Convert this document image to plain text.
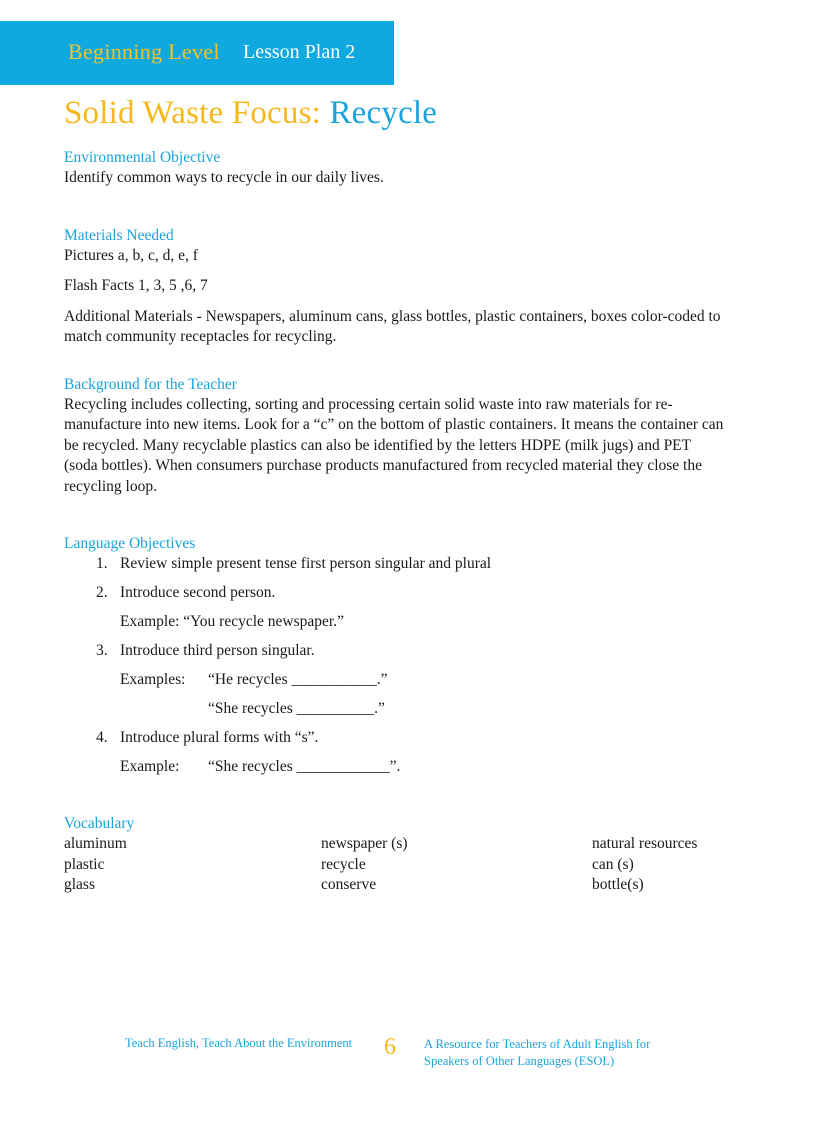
Beginning Level Lesson Plan 2
Solid Waste Focus: Recycle
Environmental Objective

Identify common ways to recycle in our daily lives.

Materials Needed

Pictures a, b, c, d, e, f

Flash Facts 1, 3, 5 ,6, 7

Additional Materials - Newspapers, aluminum cans, glass bottles, plastic containers, boxes color-coded to match community receptacles for recycling.

Background for the Teacher

Recycling includes collecting, sorting and processing certain solid waste into raw materials for re-manufacture into new items. Look for a “c” on the bottom of plastic containers. It means the container can be recycled. Many recyclable plastics can also be identified by the letters HDPE (milk jugs) and PET (soda bottles). When consumers purchase products manufactured from recycled material they close the recycling loop.

Language Objectives
1. Review simple present tense first person singular and plural
2. Introduce second person.
Example: “You recycle newspaper.”
3. Introduce third person singular.
Examples: “He recycles ___________.”
“She recycles __________.”
4. Introduce plural forms with “s”.
Example: “She recycles ____________”.
Vocabulary
aluminum	newspaper (s)	natural resources
plastic	recycle	can (s)
glass	conserve	bottle(s)
Teach English, Teach About the Environment 6 A Resource for Teachers of Adult English for
Speakers of Other Languages (ESOL)
